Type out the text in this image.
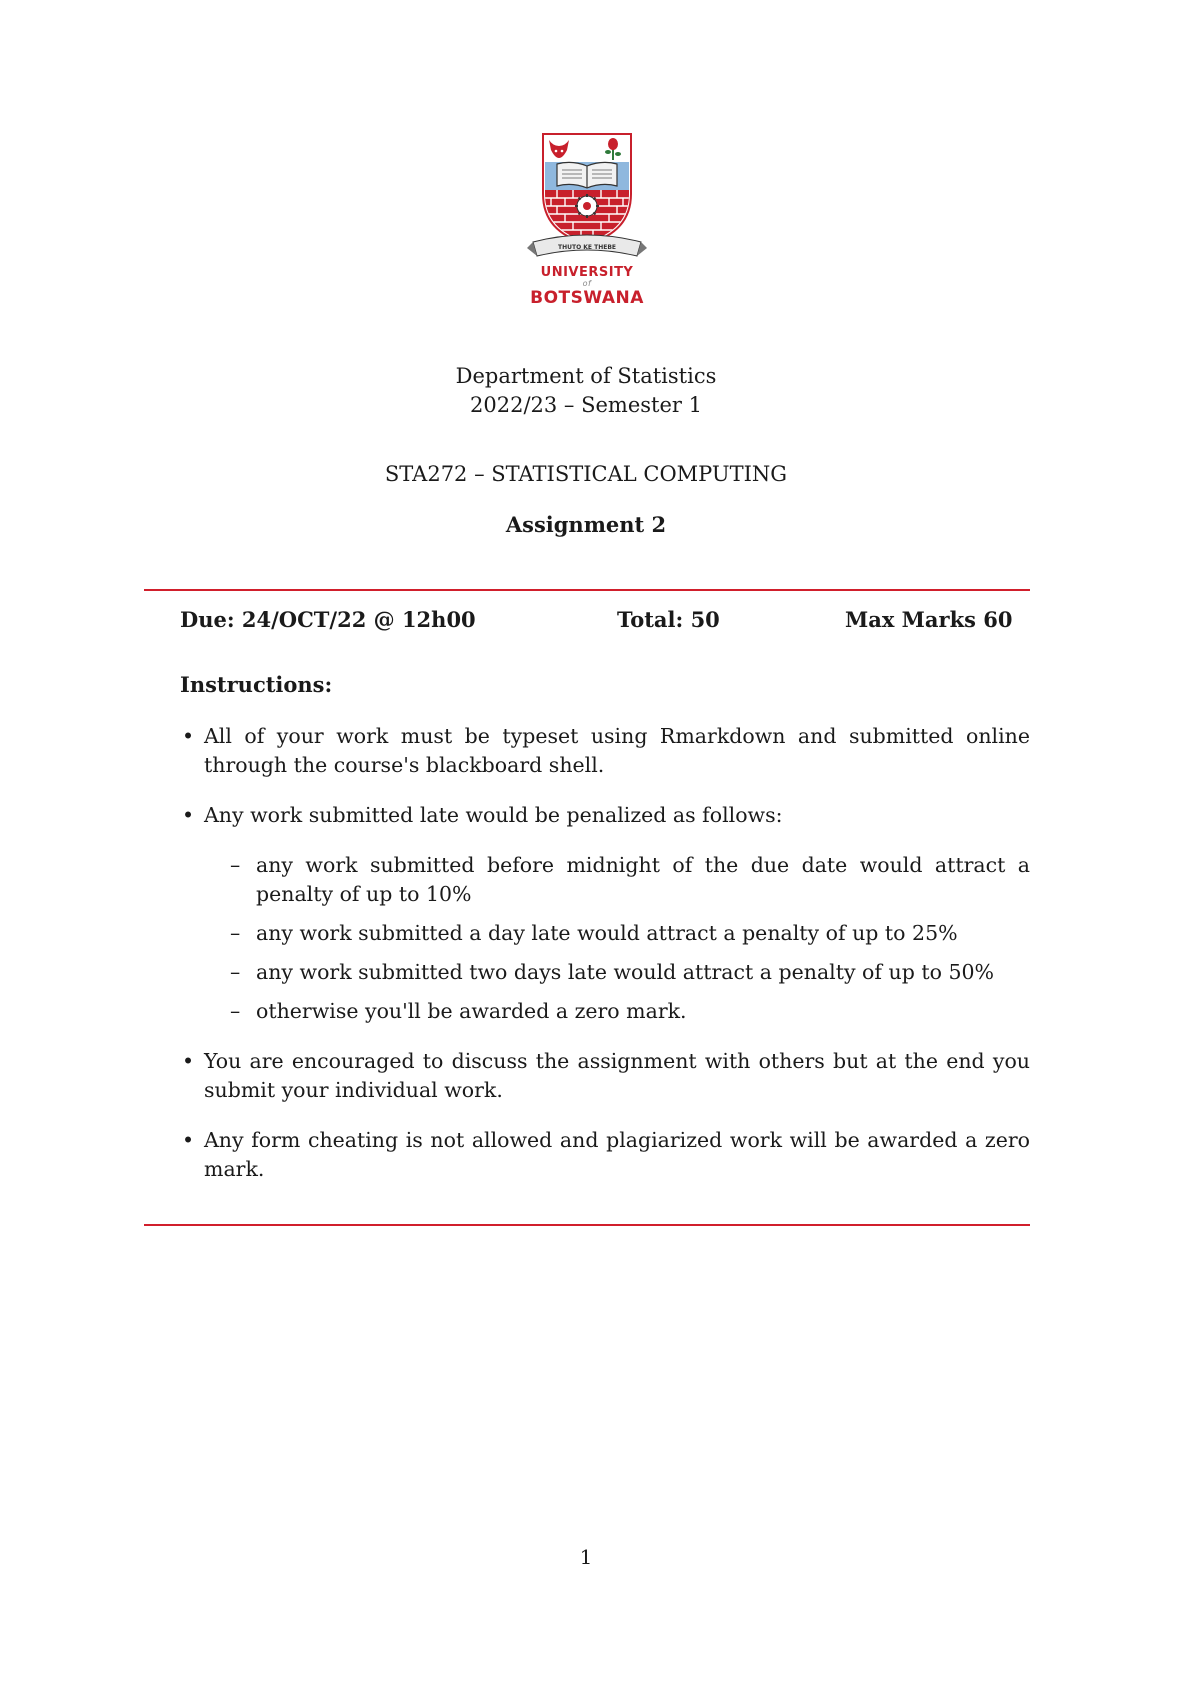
THUTO KE THEBE
UNIVERSITY
of
BOTSWANA
Department of Statistics
2022/23 – Semester 1
STA272 – STATISTICAL COMPUTING
Assignment 2
Due: 24/OCT/22 @ 12h00	Total: 50	Max Marks 60
Instructions:
• All of your work must be typeset using Rmarkdown and submitted online through the course's blackboard shell.
• Any work submitted late would be penalized as follows:
– any work submitted before midnight of the due date would attract a penalty of up to 10%
– any work submitted a day late would attract a penalty of up to 25%
– any work submitted two days late would attract a penalty of up to 50%
– otherwise you'll be awarded a zero mark.
• You are encouraged to discuss the assignment with others but at the end you submit your individual work.
• Any form cheating is not allowed and plagiarized work will be awarded a zero mark.
1
